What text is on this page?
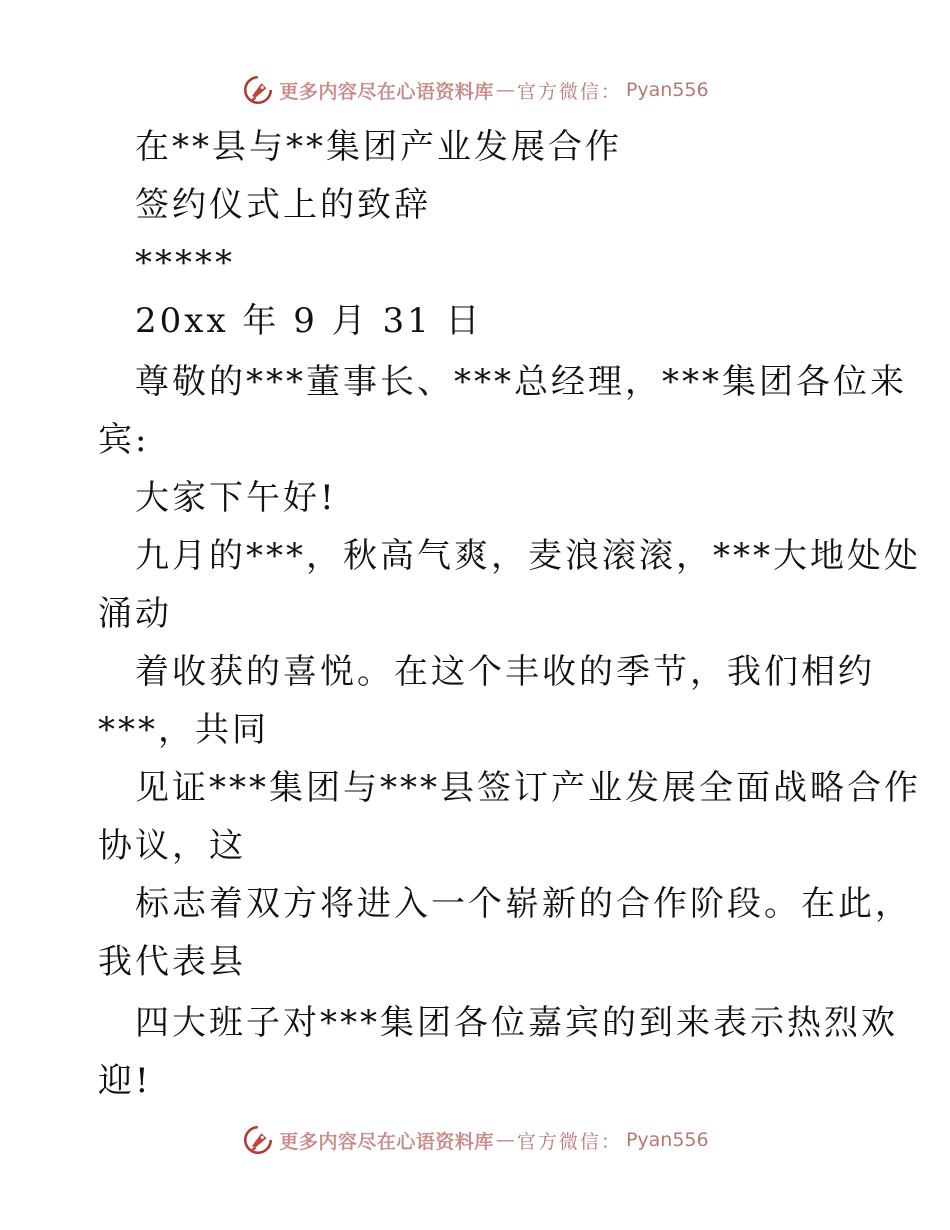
更多内容尽在心语资料库 — 官方微信： Pyan556
在**县与**集团产业发展合作
签约仪式上的致辞
*****
20xx 年 9 月 31 日
尊敬的***董事长、***总经理，***集团各位来
宾:
大家下午好!
九月的***，秋高气爽，麦浪滚滚，***大地处处
涌动
着收获的喜悦。在这个丰收的季节，我们相约
***，共同
见证***集团与***县签订产业发展全面战略合作
协议，这
标志着双方将进入一个崭新的合作阶段。在此，
我代表县
四大班子对***集团各位嘉宾的到来表示热烈欢
迎!
更多内容尽在心语资料库 — 官方微信： Pyan556
